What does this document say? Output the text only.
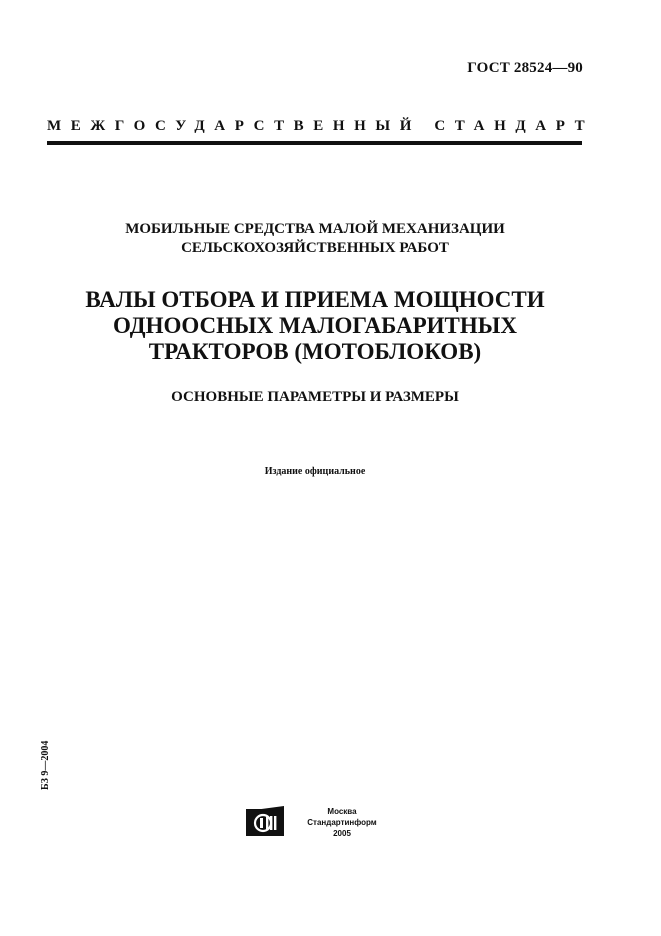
ГОСТ 28524—90
МЕЖГОСУДАРСТВЕННЫЙ СТАНДАРТ
МОБИЛЬНЫЕ СРЕДСТВА МАЛОЙ МЕХАНИЗАЦИИ
СЕЛЬСКОХОЗЯЙСТВЕННЫХ РАБОТ
ВАЛЫ ОТБОРА И ПРИЕМА МОЩНОСТИ
ОДНООСНЫХ МАЛОГАБАРИТНЫХ
ТРАКТОРОВ (МОТОБЛОКОВ)
ОСНОВНЫЕ ПАРАМЕТРЫ И РАЗМЕРЫ
Издание официальное
БЗ 9—2004
Москва
Стандартинформ
2005
